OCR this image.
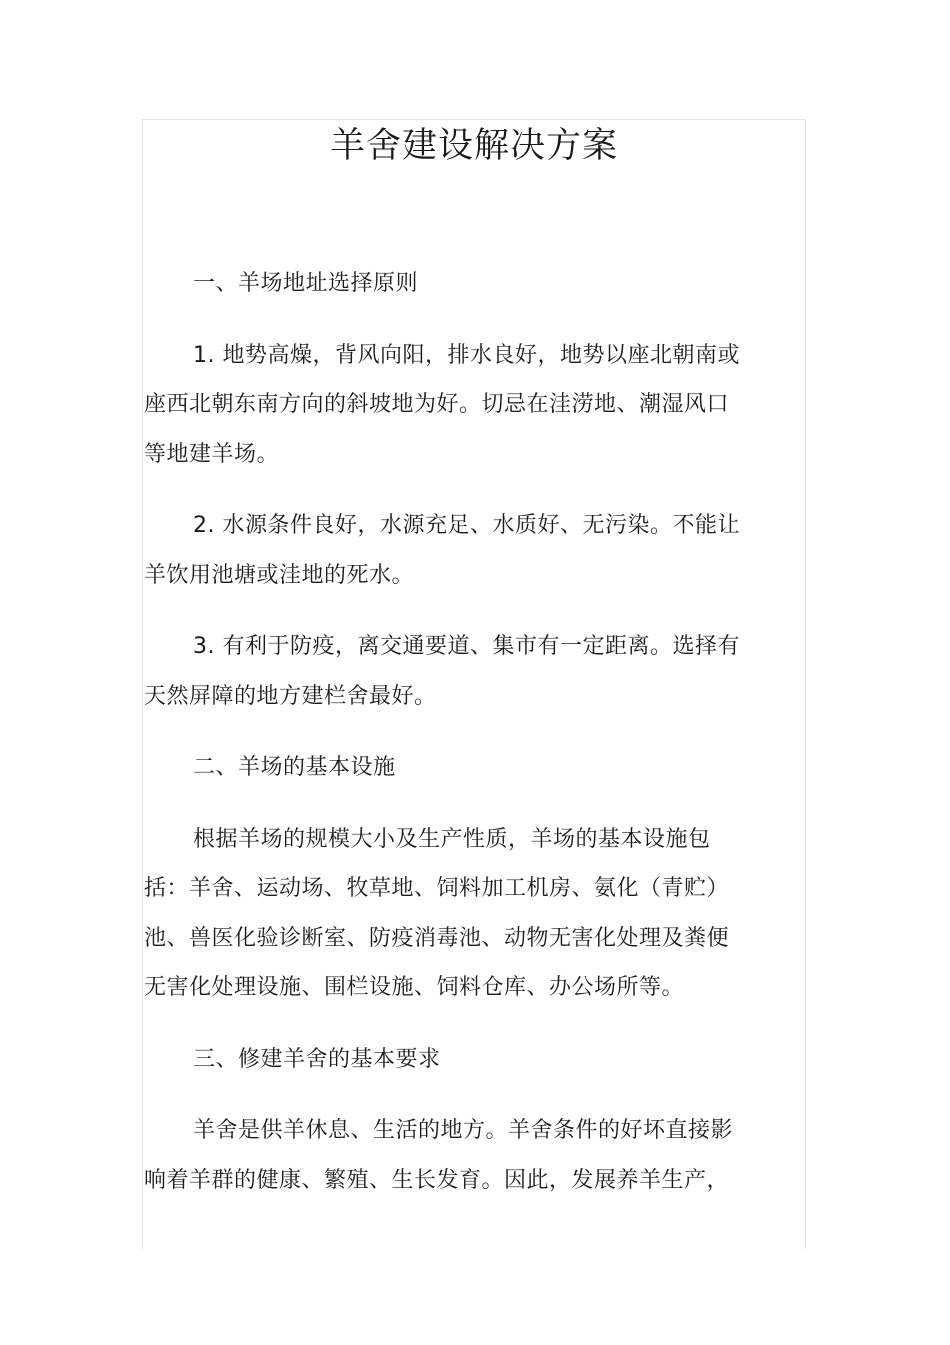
羊舍建设解决方案
一、羊场地址选择原则
1. 地势高燥，背风向阳，排水良好，地势以座北朝南或座西北朝东南方向的斜坡地为好。切忌在洼涝地、潮湿风口等地建羊场。
2. 水源条件良好，水源充足、水质好、无污染。不能让羊饮用池塘或洼地的死水。
3. 有利于防疫，离交通要道、集市有一定距离。选择有天然屏障的地方建栏舍最好。
二、羊场的基本设施
根据羊场的规模大小及生产性质，羊场的基本设施包括：羊舍、运动场、牧草地、饲料加工机房、氨化（青贮）池、兽医化验诊断室、防疫消毒池、动物无害化处理及粪便无害化处理设施、围栏设施、饲料仓库、办公场所等。
三、修建羊舍的基本要求
羊舍是供羊休息、生活的地方。羊舍条件的好坏直接影响着羊群的健康、繁殖、生长发育。因此，发展养羊生产，
